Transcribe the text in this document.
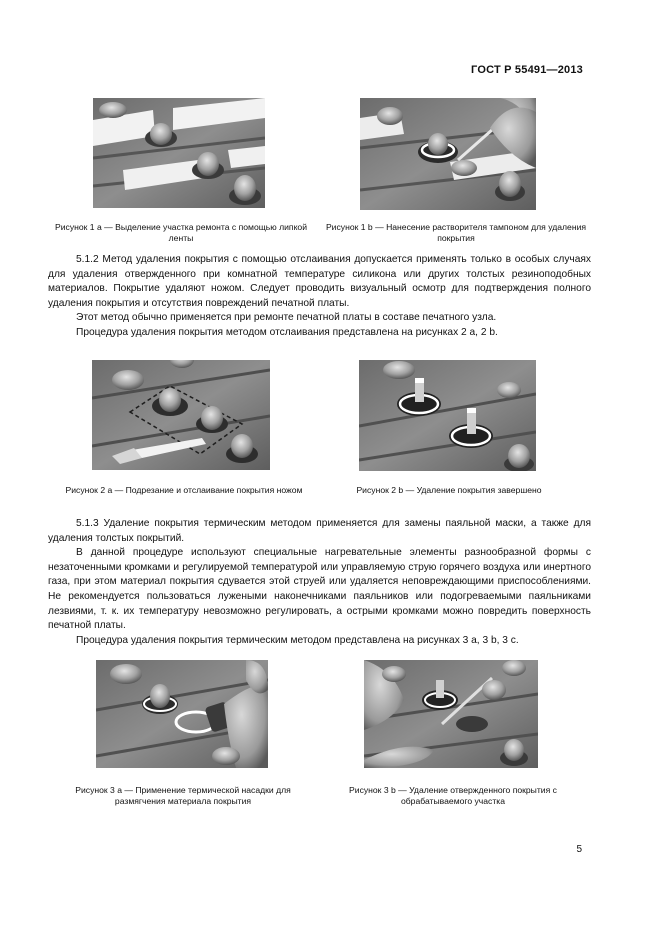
ГОСТ Р 55491—2013
Рисунок 1 а — Выделение участка ремонта с помощью липкой ленты
Рисунок 1 b — Нанесение растворителя тампоном для удаления покрытия

5.1.2 Метод удаления покрытия с помощью отслаивания допускается применять только в особых случаях для удаления отвержденного при комнатной температуре силикона или других толстых резиноподобных материалов. Покрытие удаляют ножом. Следует проводить визуальный осмотр для подтверждения полного удаления покрытия и отсутствия повреждений печатной платы.

Этот метод обычно применяется при ремонте печатной платы в составе печатного узла.

Процедура удаления покрытия методом отслаивания представлена на рисунках 2 а, 2 b.

Рисунок 2 а — Подрезание и отслаивание покрытия ножом	Рисунок 2 b — Удаление покрытия завершено

5.1.3 Удаление покрытия термическим методом применяется для замены паяльной маски, а также для удаления толстых покрытий.

В данной процедуре используют специальные нагревательные элементы разнообразной формы с незаточенными кромками и регулируемой температурой или управляемую струю горячего воздуха или инертного газа, при этом материал покрытия сдувается этой струей или удаляется неповреждающими приспособлениями. Не рекомендуется пользоваться лужеными наконечниками паяльников или подогреваемыми паяльниками лезвиями, т. к. их температуру невозможно регулировать, а острыми кромками можно повредить поверхность печатной платы.

Процедура удаления покрытия термическим методом представлена на рисунках 3 а, 3 b, 3 с.

Рисунок 3 а — Применение термической насадки для размягчения материала покрытия
Рисунок 3 b — Удаление отвержденного покрытия с обрабатываемого участка
5
